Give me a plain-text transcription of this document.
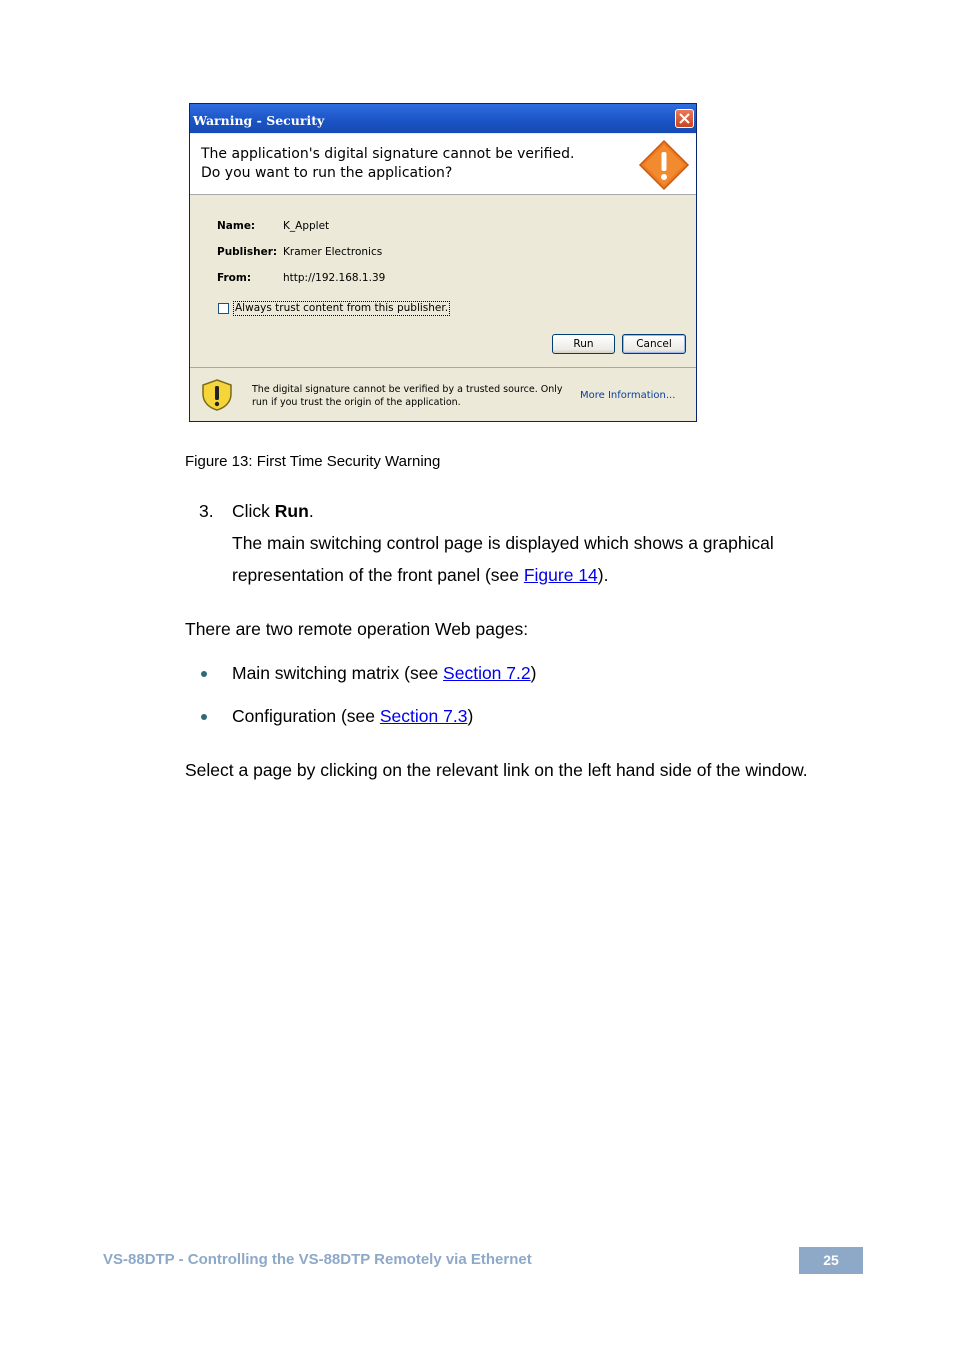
Warning - Security
The application's digital signature cannot be verified.
Do you want to run the application?
Name:	K_Applet
Publisher: Kramer Electronics
From:	http://192.168.1.39
Always trust content from this publisher.
Run	Cancel
The digital signature cannot be verified by a trusted source. Only
run if you trust the origin of the application.
More Information...
Figure 13: First Time Security Warning
3. Click Run.
The main switching control page is displayed which shows a graphical
representation of the front panel (see Figure 14).
There are two remote operation Web pages:
Main switching matrix (see Section 7.2)
Configuration (see Section 7.3)
Select a page by clicking on the relevant link on the left hand side of the window.
VS-88DTP - Controlling the VS-88DTP Remotely via Ethernet	25
